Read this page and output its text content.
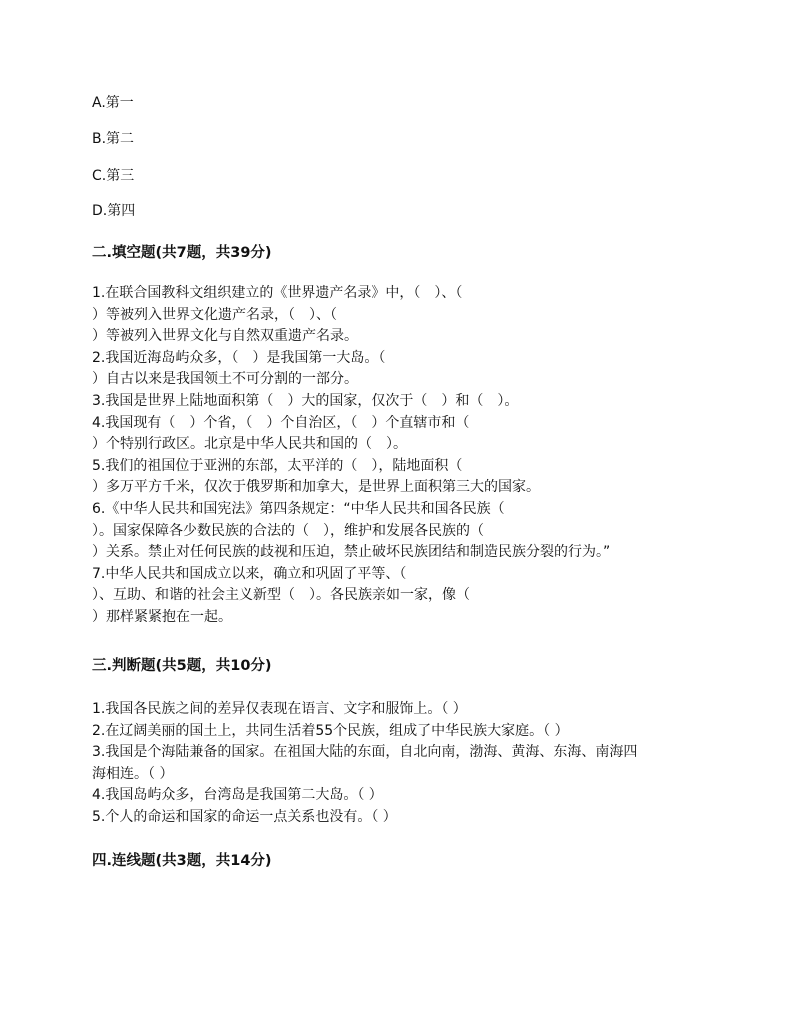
A.第一
B.第二
C.第三
D.第四
二.填空题(共7题，共39分)
1.在联合国教科文组织建立的《世界遗产名录》中，（　）、（
）等被列入世界文化遗产名录，（　）、（
）等被列入世界文化与自然双重遗产名录。
2.我国近海岛屿众多，（　）是我国第一大岛。（
）自古以来是我国领土不可分割的一部分。
3.我国是世界上陆地面积第（　）大的国家，仅次于（　）和（　）。
4.我国现有（　）个省，（　）个自治区，（　）个直辖市和（
）个特别行政区。北京是中华人民共和国的（　）。
5.我们的祖国位于亚洲的东部，太平洋的（　），陆地面积（
）多万平方千米，仅次于俄罗斯和加拿大，是世界上面积第三大的国家。
6.《中华人民共和国宪法》第四条规定：“中华人民共和国各民族（
）。国家保障各少数民族的合法的（　），维护和发展各民族的（
）关系。禁止对任何民族的歧视和压迫，禁止破坏民族团结和制造民族分裂的行为。”
7.中华人民共和国成立以来，确立和巩固了平等、（
）、互助、和谐的社会主义新型（　）。各民族亲如一家，像（
）那样紧紧抱在一起。
三.判断题(共5题，共10分)
1.我国各民族之间的差异仅表现在语言、文字和服饰上。（ ）
2.在辽阔美丽的国土上，共同生活着55个民族，组成了中华民族大家庭。（ ）
3.我国是个海陆兼备的国家。在祖国大陆的东面，自北向南，渤海、黄海、东海、南海四
海相连。（ ）
4.我国岛屿众多，台湾岛是我国第二大岛。（ ）
5.个人的命运和国家的命运一点关系也没有。（ ）
四.连线题(共3题，共14分)
